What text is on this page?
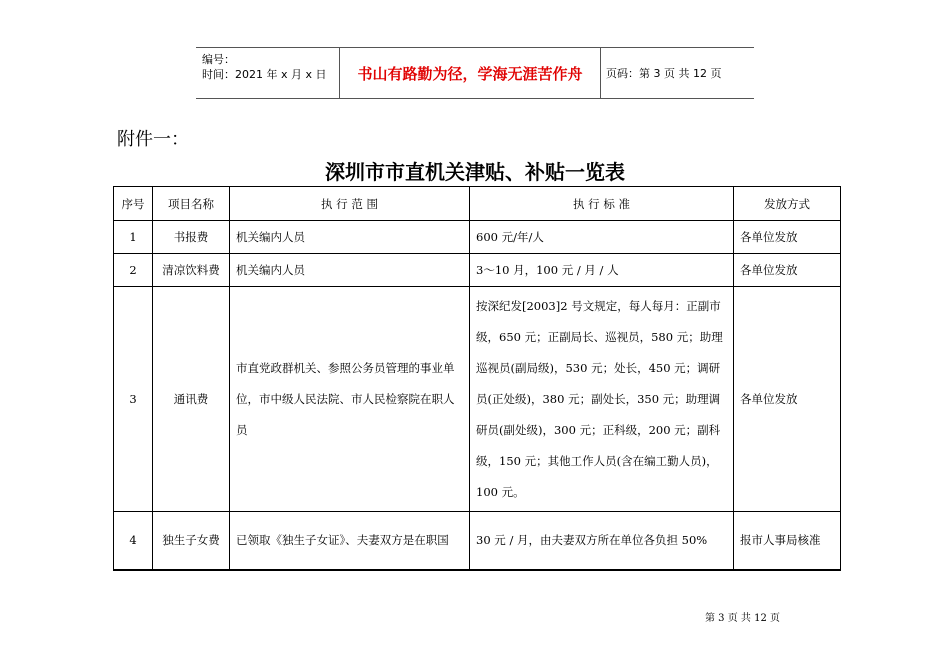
编号：
时间：2021 年 x 月 x 日	书山有路勤为径，学海无涯苦作舟	页码：第 3 页 共 12 页
附件一：
深圳市市直机关津贴、补贴一览表
序号	项目名称	执 行 范 围	执 行 标 准	发放方式
1	书报费	机关编内人员	600 元/年/人	各单位发放
2	清凉饮料费	机关编内人员	3～10 月，100 元 / 月 / 人	各单位发放
3	通讯费	市直党政群机关、参照公务员管理的事业单位，市中级人民法院、市人民检察院在职人员	按深纪发[2003]2 号文规定，每人每月：正副市级，650 元；正副局长、巡视员，580 元；助理巡视员(副局级)，530 元；处长，450 元；调研员(正处级)，380 元；副处长，350 元；助理调研员(副处级)，300 元；正科级，200 元；副科级，150 元；其他工作人员(含在编工勤人员)，100 元。	各单位发放
4	独生子女费	已领取《独生子女证》、夫妻双方是在职国	30 元 / 月，由夫妻双方所在单位各负担 50%	报市人事局核准
第 3 页 共 12 页
